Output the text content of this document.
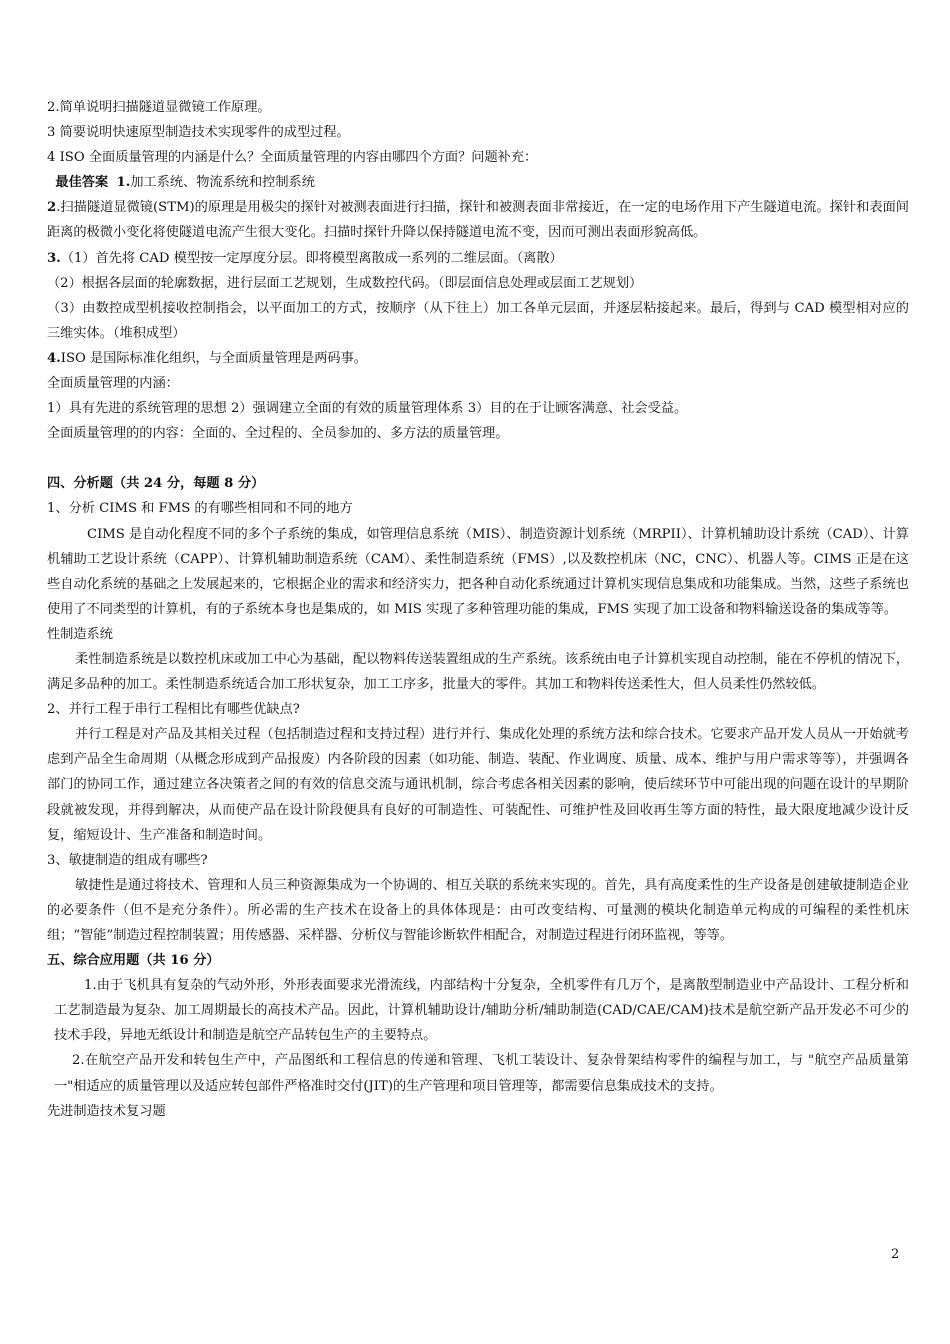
2.简单说明扫描隧道显微镜工作原理。

3 简要说明快速原型制造技术实现零件的成型过程。

4 ISO 全面质量管理的内涵是什么？全面质量管理的内容由哪四个方面？问题补充：

最佳答案 1.加工系统、物流系统和控制系统

2.扫描隧道显微镜(STM)的原理是用极尖的探针对被测表面进行扫描，探针和被测表面非常接近，在一定的电场作用下产生隧道电流。探针和表面间距离的极微小变化将使隧道电流产生很大变化。扫描时探针升降以保持隧道电流不变，因而可测出表面形貌高低。

3.（1）首先将 CAD 模型按一定厚度分层。即将模型离散成一系列的二维层面。（离散）

（2）根据各层面的轮廓数据，进行层面工艺规划，生成数控代码。（即层面信息处理或层面工艺规划）

（3）由数控成型机接收控制指会，以平面加工的方式，按顺序（从下往上）加工各单元层面，并逐层粘接起来。最后，得到与 CAD 模型相对应的三维实体。（堆积成型）

4.ISO 是国际标准化组织，与全面质量管理是两码事。

全面质量管理的内涵：

1）具有先进的系统管理的思想 2）强调建立全面的有效的质量管理体系 3）目的在于让顾客满意、社会受益。

全面质量管理的的内容：全面的、全过程的、全员参加的、多方法的质量管理。

四、分析题（共 24 分，每题 8 分）

1、分析 CIMS 和 FMS 的有哪些相同和不同的地方

CIMS 是自动化程度不同的多个子系统的集成，如管理信息系统（MIS）、制造资源计划系统（MRPII）、计算机辅助设计系统（CAD）、计算机辅助工艺设计系统（CAPP）、计算机辅助制造系统（CAM）、柔性制造系统（FMS）,以及数控机床（NC，CNC）、机器人等。CIMS 正是在这些自动化系统的基础之上发展起来的，它根据企业的需求和经济实力，把各种自动化系统通过计算机实现信息集成和功能集成。当然，这些子系统也使用了不同类型的计算机，有的子系统本身也是集成的，如 MIS 实现了多种管理功能的集成，FMS 实现了加工设备和物料输送设备的集成等等。

性制造系统

柔性制造系统是以数控机床或加工中心为基础，配以物料传送装置组成的生产系统。该系统由电子计算机实现自动控制，能在不停机的情况下，满足多品种的加工。柔性制造系统适合加工形状复杂，加工工序多，批量大的零件。其加工和物料传送柔性大，但人员柔性仍然较低。

2、并行工程于串行工程相比有哪些优缺点?

并行工程是对产品及其相关过程（包括制造过程和支持过程）进行并行、集成化处理的系统方法和综合技术。它要求产品开发人员从一开始就考虑到产品全生命周期（从概念形成到产品报废）内各阶段的因素（如功能、制造、装配、作业调度、质量、成本、维护与用户需求等等），并强调各部门的协同工作，通过建立各决策者之间的有效的信息交流与通讯机制，综合考虑各相关因素的影响，使后续环节中可能出现的问题在设计的早期阶段就被发现，并得到解决，从而使产品在设计阶段便具有良好的可制造性、可装配性、可维护性及回收再生等方面的特性，最大限度地减少设计反复，缩短设计、生产准备和制造时间。

3、敏捷制造的组成有哪些?

敏捷性是通过将技术、管理和人员三种资源集成为一个协调的、相互关联的系统来实现的。首先，具有高度柔性的生产设备是创建敏捷制造企业的必要条件（但不是充分条件）。所必需的生产技术在设备上的具体体现是：由可改变结构、可量测的模块化制造单元构成的可编程的柔性机床组；“智能”制造过程控制装置；用传感器、采样器、分析仪与智能诊断软件相配合，对制造过程进行闭环监视，等等。

五、综合应用题（共 16 分）

1.由于飞机具有复杂的气动外形，外形表面要求光滑流线，内部结构十分复杂，全机零件有几万个，是离散型制造业中产品设计、工程分析和工艺制造最为复杂、加工周期最长的高技术产品。因此，计算机辅助设计/辅助分析/辅助制造(CAD/CAE/CAM)技术是航空新产品开发必不可少的技术手段，异地无纸设计和制造是航空产品转包生产的主要特点。

2.在航空产品开发和转包生产中，产品图纸和工程信息的传递和管理、飞机工装设计、复杂骨架结构零件的编程与加工，与 "航空产品质量第一"相适应的质量管理以及适应转包部件严格准时交付(JIT)的生产管理和项目管理等，都需要信息集成技术的支持。

先进制造技术复习题

2
